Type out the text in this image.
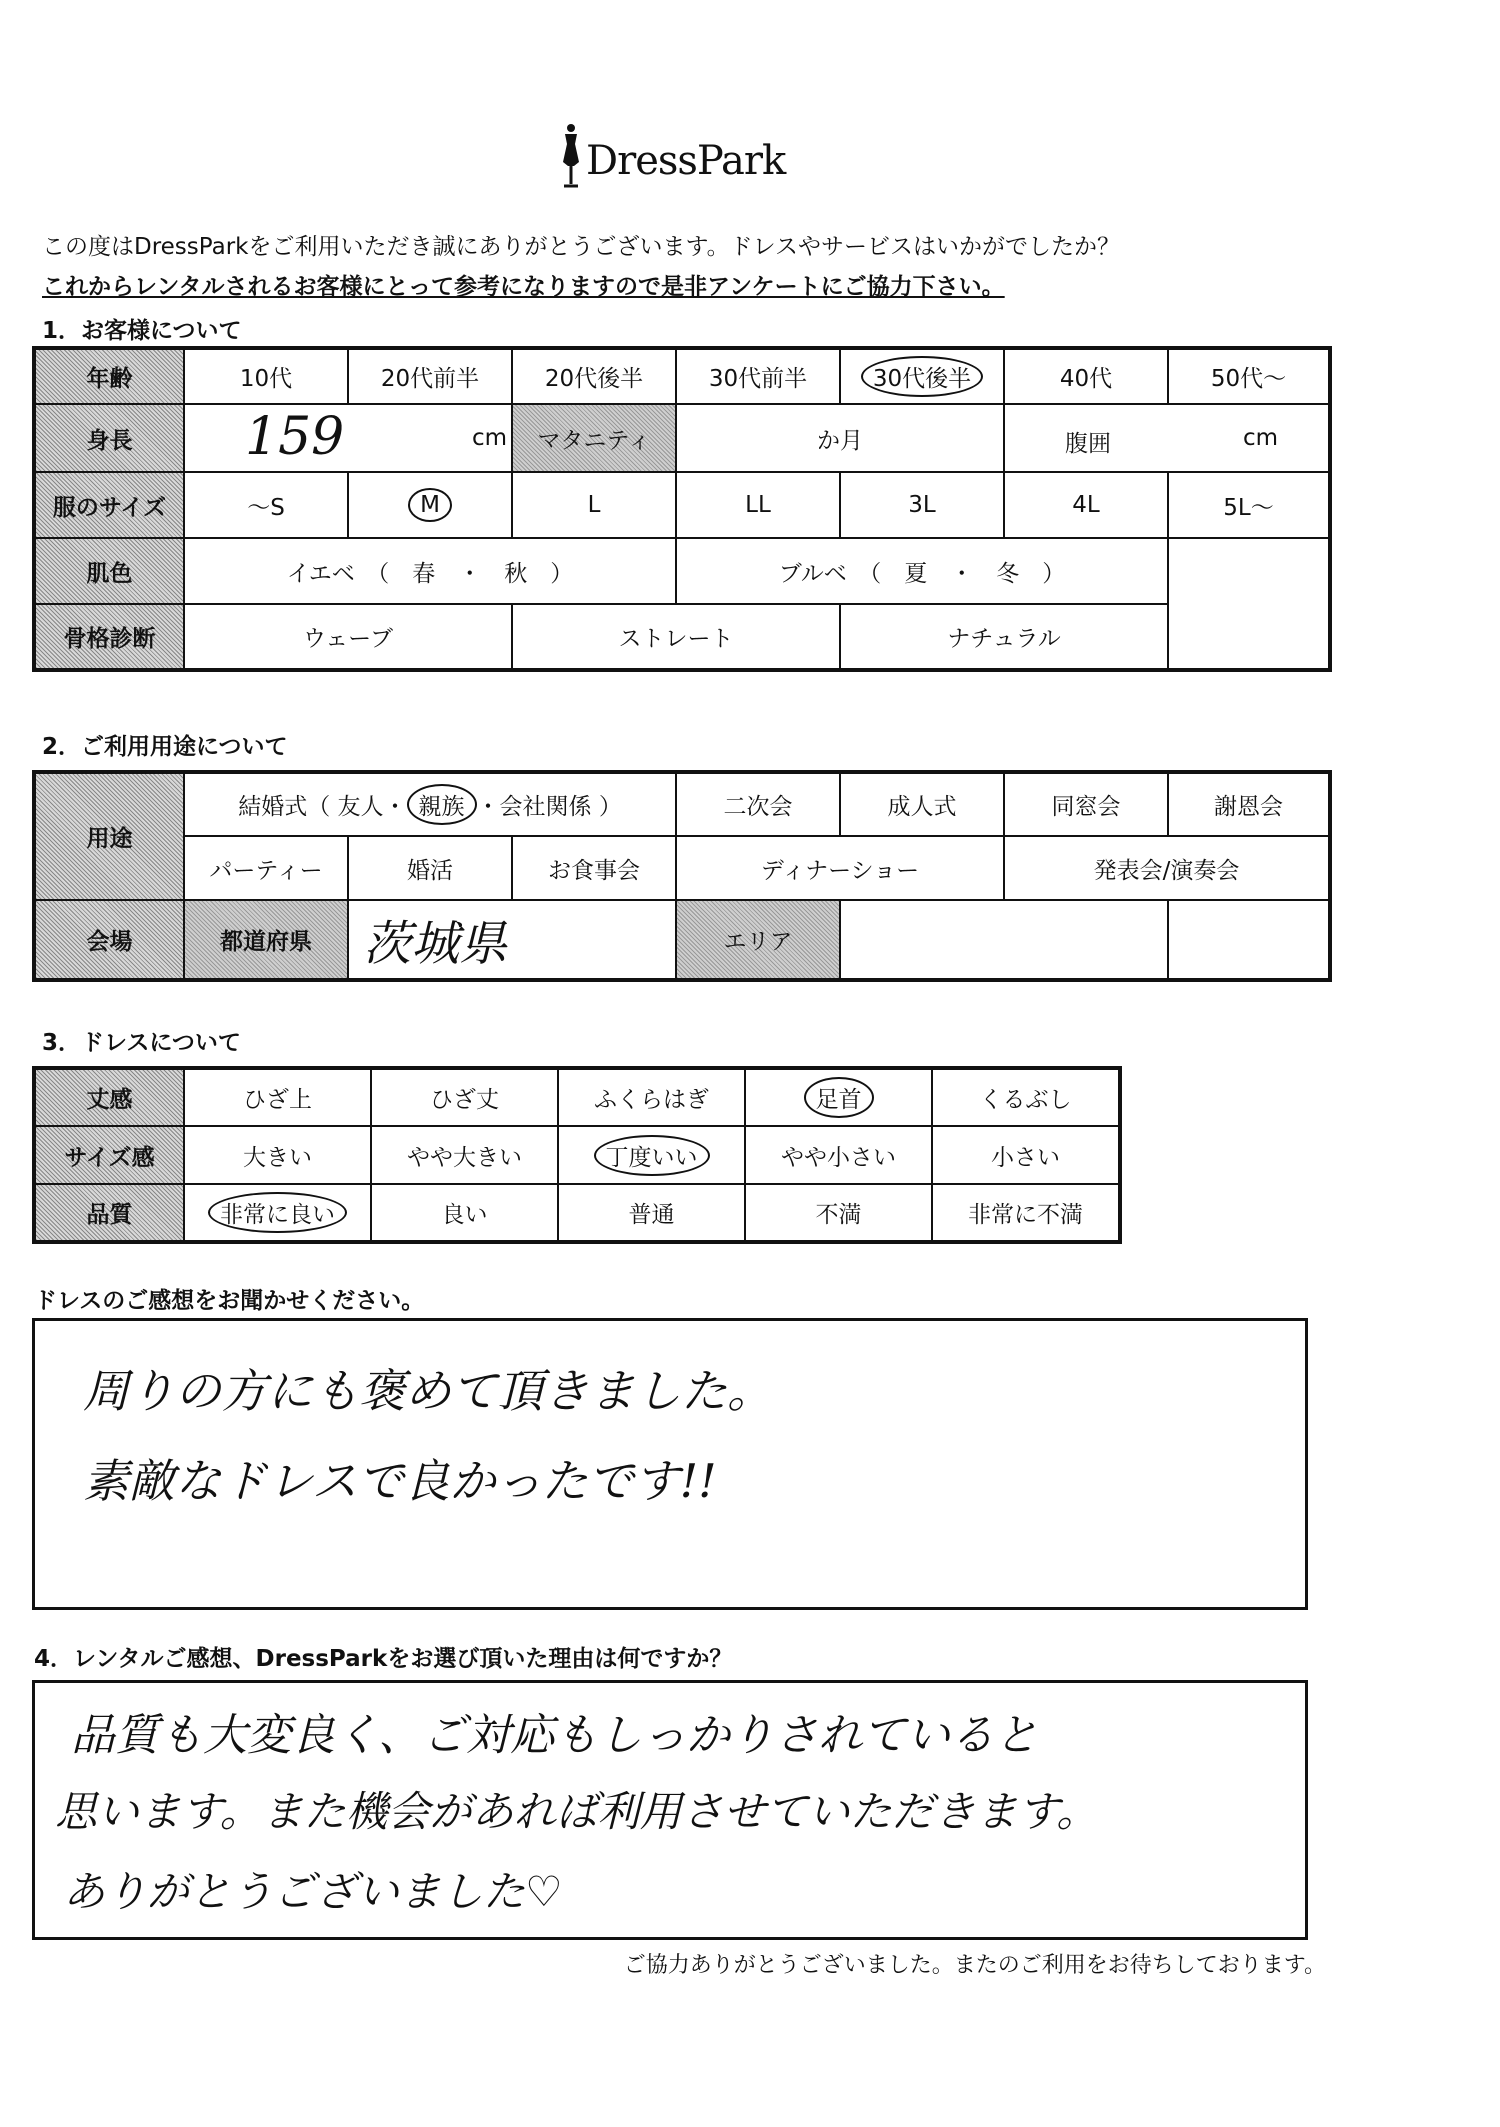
DressPark
この度はDressParkをご利用いただき誠にありがとうございます。ドレスやサービスはいかがでしたか？
これからレンタルされるお客様にとって参考になりますので是非アンケートにご協力下さい。
1．お客様について
年齢	10代	20代前半	20代後半	30代前半	30代後半	40代	50代～
身長	159 cm		マタニティ	か月		腹囲 cm	

服のサイズ	～S	M	L	LL	3L	4L	5L～
肌色	イエベ　（　春　・　秋　）			ブルベ　（　夏　・　冬　）			
骨格診断	ウェーブ		ストレート		ナチュラル		
2．ご利用用途について
用途	結婚式（ 友人・ 親族 ・会社関係 ）			二次会	成人式	同窓会	謝恩会
	パーティー	婚活	お食事会	ディナーショー		発表会/演奏会	
会場	都道府県	茨城県		エリア			
3．ドレスについて
丈感	ひざ上	ひざ丈	ふくらはぎ	足首	くるぶし
サイズ感	大きい	やや大きい	丁度いい	やや小さい	小さい
品質	非常に良い	良い	普通	不満	非常に不満
ドレスのご感想をお聞かせください。
周りの方にも褒めて頂きました。
素敵なドレスで良かったです!!
4．レンタルご感想、DressParkをお選び頂いた理由は何ですか？
品質も大変良く、ご対応もしっかりされていると
思います。また機会があれば利用させていただきます。
ありがとうございました♡
ご協力ありがとうございました。またのご利用をお待ちしております。
